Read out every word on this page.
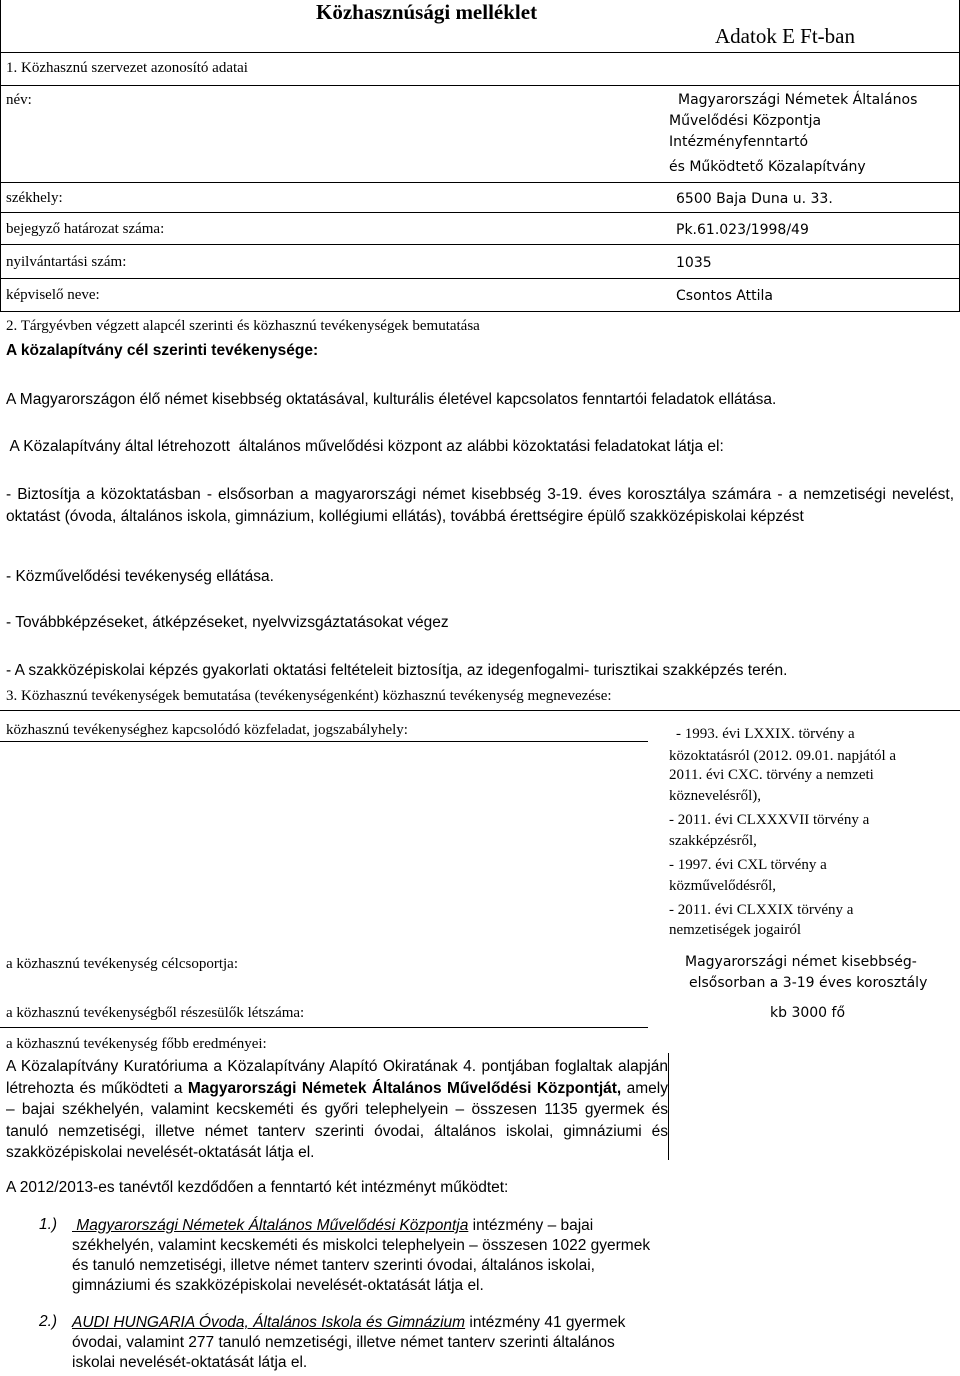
Közhasznúsági melléklet
Adatok E Ft-ban
1. Közhasznú szervezet azonosító adatai
név:	Magyarországi Németek Általános
Művelődési Központja
Intézményfenntartó
és Működtető Közalapítvány
székhely:	6500 Baja Duna u. 33.
bejegyző határozat száma:	Pk.61.023/1998/49
nyilvántartási szám:	1035
képviselő neve:	Csontos Attila
2. Tárgyévben végzett alapcél szerinti és közhasznú tevékenységek bemutatása
A közalapítvány cél szerinti tevékenysége:
A Magyarországon élő német kisebbség oktatásával, kulturális életével kapcsolatos fenntartói feladatok ellátása.
A Közalapítvány által létrehozott  általános művelődési központ az alábbi közoktatási feladatokat látja el:
- Biztosítja a közoktatásban - elsősorban a magyarországi német kisebbség 3-19. éves korosztálya számára - a nemzetiségi nevelést, oktatást (óvoda, általános iskola, gimnázium, kollégiumi ellátás), továbbá érettségire épülő szakközépiskolai képzést
- Közművelődési tevékenység ellátása.
- Továbbképzéseket, átképzéseket, nyelvvizsgáztatásokat végez
- A szakközépiskolai képzés gyakorlati oktatási feltételeit biztosítja, az idegenfogalmi- turisztikai szakképzés terén.
3. Közhasznú tevékenységek bemutatása (tevékenységenként) közhasznú tevékenység megnevezése:
közhasznú tevékenységhez kapcsolódó közfeladat, jogszabályhely:	- 1993. évi LXXIX. törvény a
közoktatásról (2012. 09.01. napjától a
2011. évi CXC. törvény a nemzeti
köznevelésről),
- 2011. évi CLXXXVII törvény a
szakképzésről,
- 1997. évi CXL törvény a
közművelődésről,
- 2011. évi CLXXIX törvény a
nemzetiségek jogairól
a közhasznú tevékenység célcsoportja:	Magyarországi német kisebbség-
elsősorban a 3-19 éves korosztály
a közhasznú tevékenységből részesülők létszáma:	kb 3000 fő
a közhasznú tevékenység főbb eredményei:
A Közalapítvány Kuratóriuma a Közalapítvány Alapító Okiratának 4. pontjában foglaltak alapján létrehozta és működteti a Magyarországi Németek Általános Művelődési Központját, amely – bajai székhelyén, valamint kecskeméti és győri telephelyein – összesen 1135 gyermek és tanuló nemzetiségi, illetve német tanterv szerinti óvodai, általános iskolai, gimnáziumi és szakközépiskolai nevelését-oktatását látja el.
A 2012/2013-es tanévtől kezdődően a fenntartó két intézményt működtet:
1.) Magyarországi Németek Általános Művelődési Központja intézmény – bajai székhelyén, valamint kecskeméti és miskolci telephelyein – összesen 1022 gyermek és tanuló nemzetiségi, illetve német tanterv szerinti óvodai, általános iskolai, gimnáziumi és szakközépiskolai nevelését-oktatását látja el.
2.) AUDI HUNGARIA Óvoda, Általános Iskola és Gimnázium intézmény 41 gyermek óvodai, valamint 277 tanuló nemzetiségi, illetve német tanterv szerinti általános iskolai nevelését-oktatását látja el.
